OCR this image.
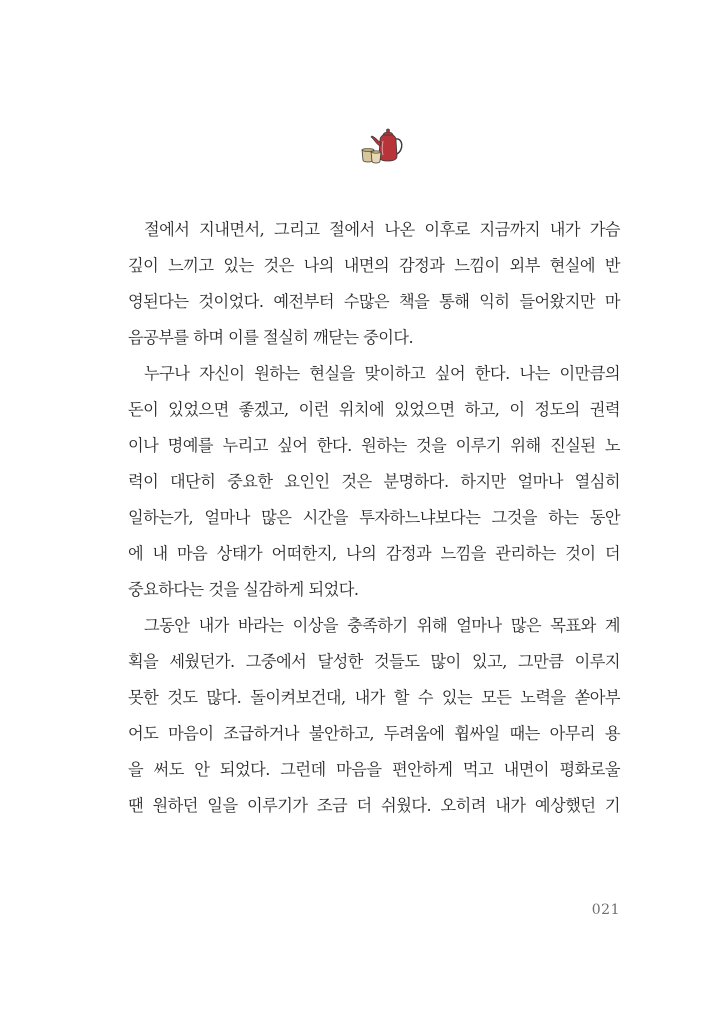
절에서 지내면서, 그리고 절에서 나온 이후로 지금까지 내가 가슴
깊이 느끼고 있는 것은 나의 내면의 감정과 느낌이 외부 현실에 반
영된다는 것이었다. 예전부터 수많은 책을 통해 익히 들어왔지만 마
음공부를 하며 이를 절실히 깨닫는 중이다.
누구나 자신이 원하는 현실을 맞이하고 싶어 한다. 나는 이만큼의
돈이 있었으면 좋겠고, 이런 위치에 있었으면 하고, 이 정도의 권력
이나 명예를 누리고 싶어 한다. 원하는 것을 이루기 위해 진실된 노
력이 대단히 중요한 요인인 것은 분명하다. 하지만 얼마나 열심히
일하는가, 얼마나 많은 시간을 투자하느냐보다는 그것을 하는 동안
에 내 마음 상태가 어떠한지, 나의 감정과 느낌을 관리하는 것이 더
중요하다는 것을 실감하게 되었다.
그동안 내가 바라는 이상을 충족하기 위해 얼마나 많은 목표와 계
획을 세웠던가. 그중에서 달성한 것들도 많이 있고, 그만큼 이루지
못한 것도 많다. 돌이켜보건대, 내가 할 수 있는 모든 노력을 쏟아부
어도 마음이 조급하거나 불안하고, 두려움에 휩싸일 때는 아무리 용
을 써도 안 되었다. 그런데 마음을 편안하게 먹고 내면이 평화로울
땐 원하던 일을 이루기가 조금 더 쉬웠다. 오히려 내가 예상했던 기
021
